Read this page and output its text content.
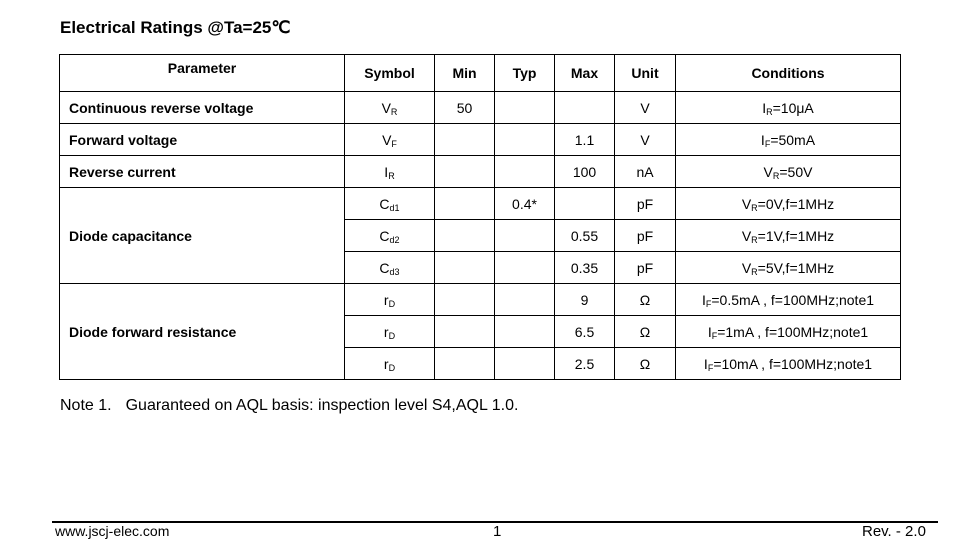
Electrical Ratings @Ta=25℃
Parameter	Symbol	Min	Typ	Max	Unit	Conditions
Continuous reverse voltage	$V_R$	50			V	$I_R=10\mu A$
Forward voltage	$V_F$			1.1	V	$I_F=50mA$
Reverse current	$I_R$			100	nA	$V_R=50V$
Diode capacitance	$C_{d1}$		0.4*		pF	$V_R=0V,f=1MHz$
	$C_{d2}$			0.55	pF	$V_R=1V,f=1MHz$
	$C_{d3}$			0.35	pF	$V_R=5V,f=1MHz$
Diode forward resistance	$r_D$			9	Ω	$I_F=0.5mA$ , f=100MHz;note1
	$r_D$			6.5	Ω	$I_F=1mA$ , f=100MHz;note1
	$r_D$			2.5	Ω	$I_F=10mA$ , f=100MHz;note1
Note 1. Guaranteed on AQL basis: inspection level S4,AQL 1.0.
www.jscj-elec.com	1	Rev. - 2.0
